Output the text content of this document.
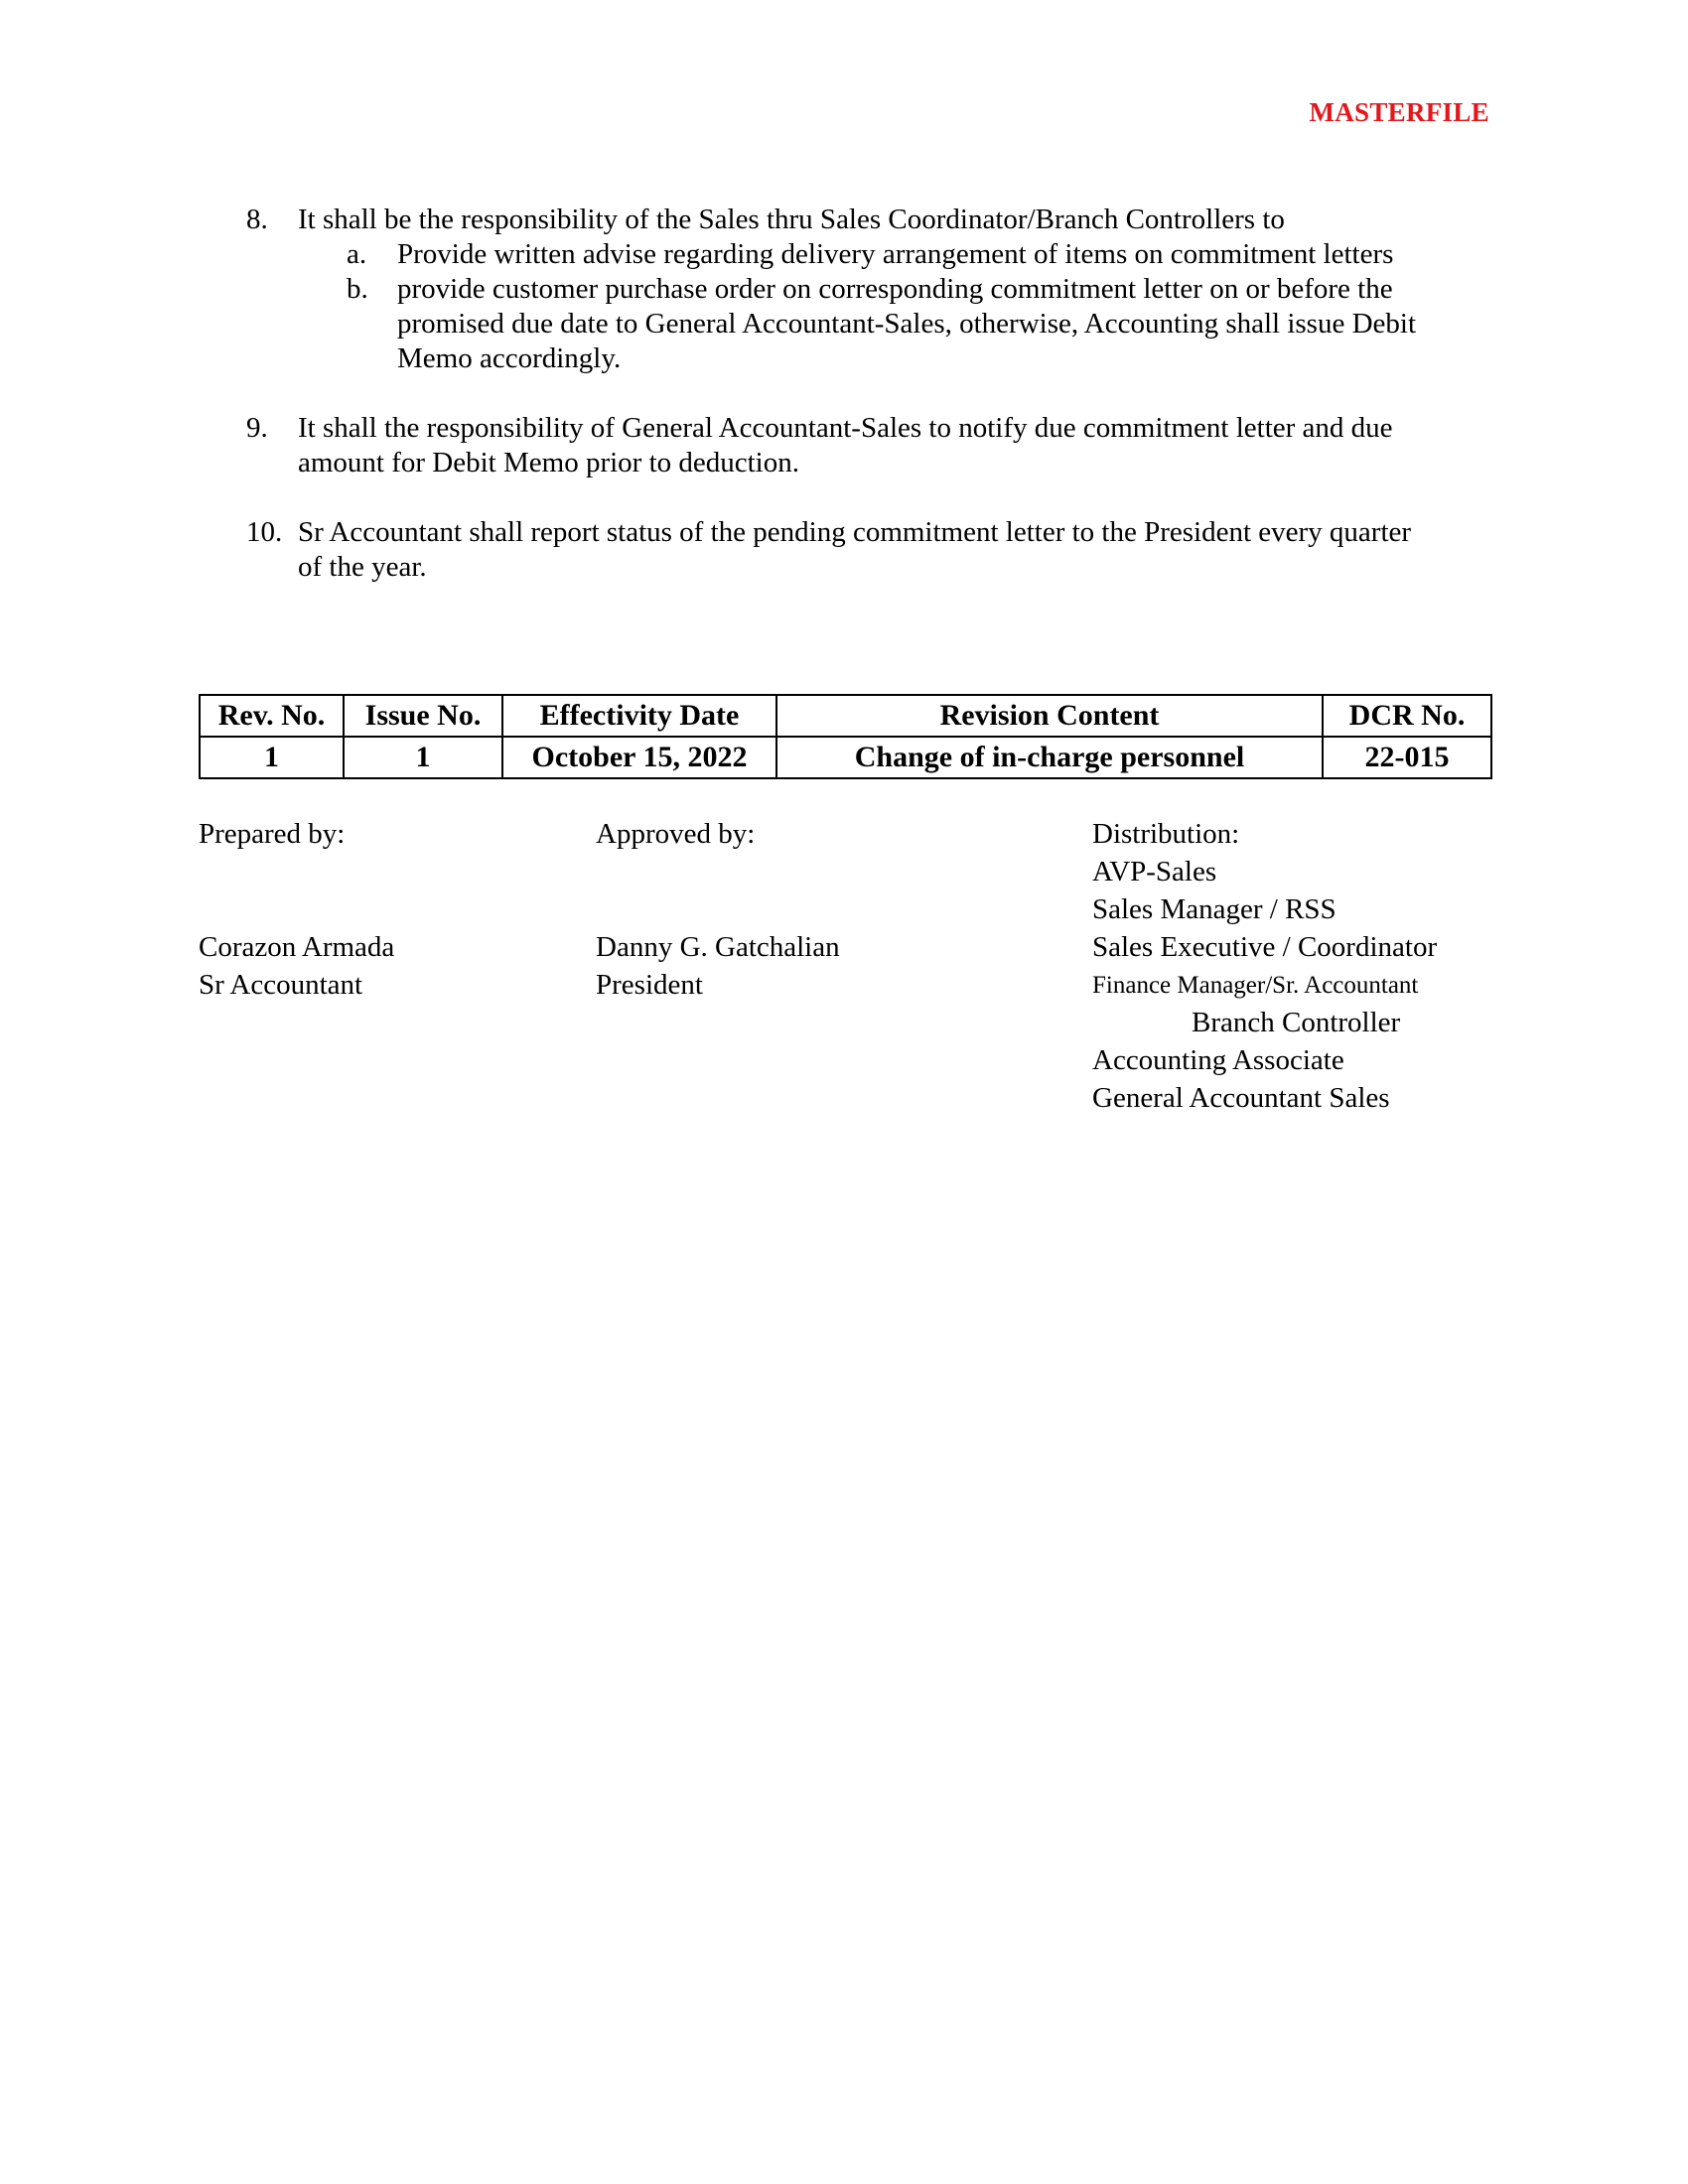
MASTERFILE
8. It shall be the responsibility of the Sales thru Sales Coordinator/Branch Controllers to
a. Provide written advise regarding delivery arrangement of items on commitment letters
b. provide customer purchase order on corresponding commitment letter on or before the
promised due date to General Accountant-Sales, otherwise, Accounting shall issue Debit
Memo accordingly.
9. It shall the responsibility of General Accountant-Sales to notify due commitment letter and due
amount for Debit Memo prior to deduction.
10. Sr Accountant shall report status of the pending commitment letter to the President every quarter
of the year.
Rev. No.	Issue No.	Effectivity Date	Revision Content	DCR No.
1	1	October 15, 2022	Change of in-charge personnel	22-015
Prepared by:
Corazon Armada
Sr Accountant
Approved by:
Danny G. Gatchalian
President
Distribution:
AVP-Sales
Sales Manager / RSS
Sales Executive / Coordinator
Finance Manager/Sr. Accountant
Branch Controller
Accounting Associate
General Accountant Sales
